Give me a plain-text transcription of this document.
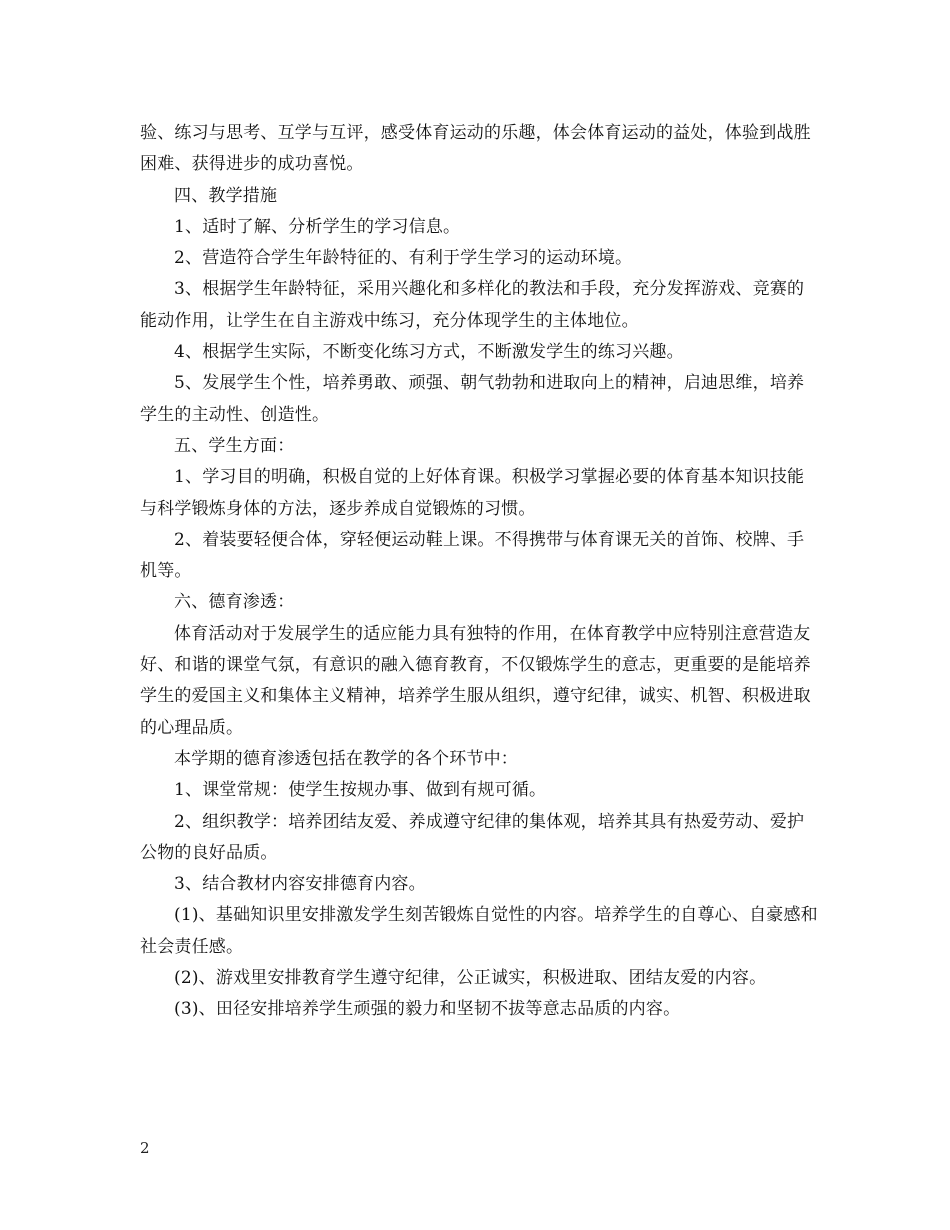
验、练习与思考、互学与互评，感受体育运动的乐趣，体会体育运动的益处，体验到战胜困难、获得进步的成功喜悦。

四、教学措施

1、适时了解、分析学生的学习信息。

2、营造符合学生年龄特征的、有利于学生学习的运动环境。

3、根据学生年龄特征，采用兴趣化和多样化的教法和手段，充分发挥游戏、竞赛的能动作用，让学生在自主游戏中练习，充分体现学生的主体地位。

4、根据学生实际，不断变化练习方式，不断激发学生的练习兴趣。

5、发展学生个性，培养勇敢、顽强、朝气勃勃和进取向上的精神，启迪思维，培养学生的主动性、创造性。

五、学生方面：

1、学习目的明确，积极自觉的上好体育课。积极学习掌握必要的体育基本知识技能与科学锻炼身体的方法，逐步养成自觉锻炼的习惯。

2、着装要轻便合体，穿轻便运动鞋上课。不得携带与体育课无关的首饰、校牌、手机等。

六、德育渗透：

体育活动对于发展学生的适应能力具有独特的作用，在体育教学中应特别注意营造友好、和谐的课堂气氛，有意识的融入德育教育，不仅锻炼学生的意志，更重要的是能培养学生的爱国主义和集体主义精神，培养学生服从组织，遵守纪律，诚实、机智、积极进取的心理品质。

本学期的德育渗透包括在教学的各个环节中：

1、课堂常规：使学生按规办事、做到有规可循。

2、组织教学：培养团结友爱、养成遵守纪律的集体观，培养其具有热爱劳动、爱护公物的良好品质。

3、结合教材内容安排德育内容。

(1)、基础知识里安排激发学生刻苦锻炼自觉性的内容。培养学生的自尊心、自豪感和社会责任感。

(2)、游戏里安排教育学生遵守纪律，公正诚实，积极进取、团结友爱的内容。

(3)、田径安排培养学生顽强的毅力和坚韧不拔等意志品质的内容。

2
